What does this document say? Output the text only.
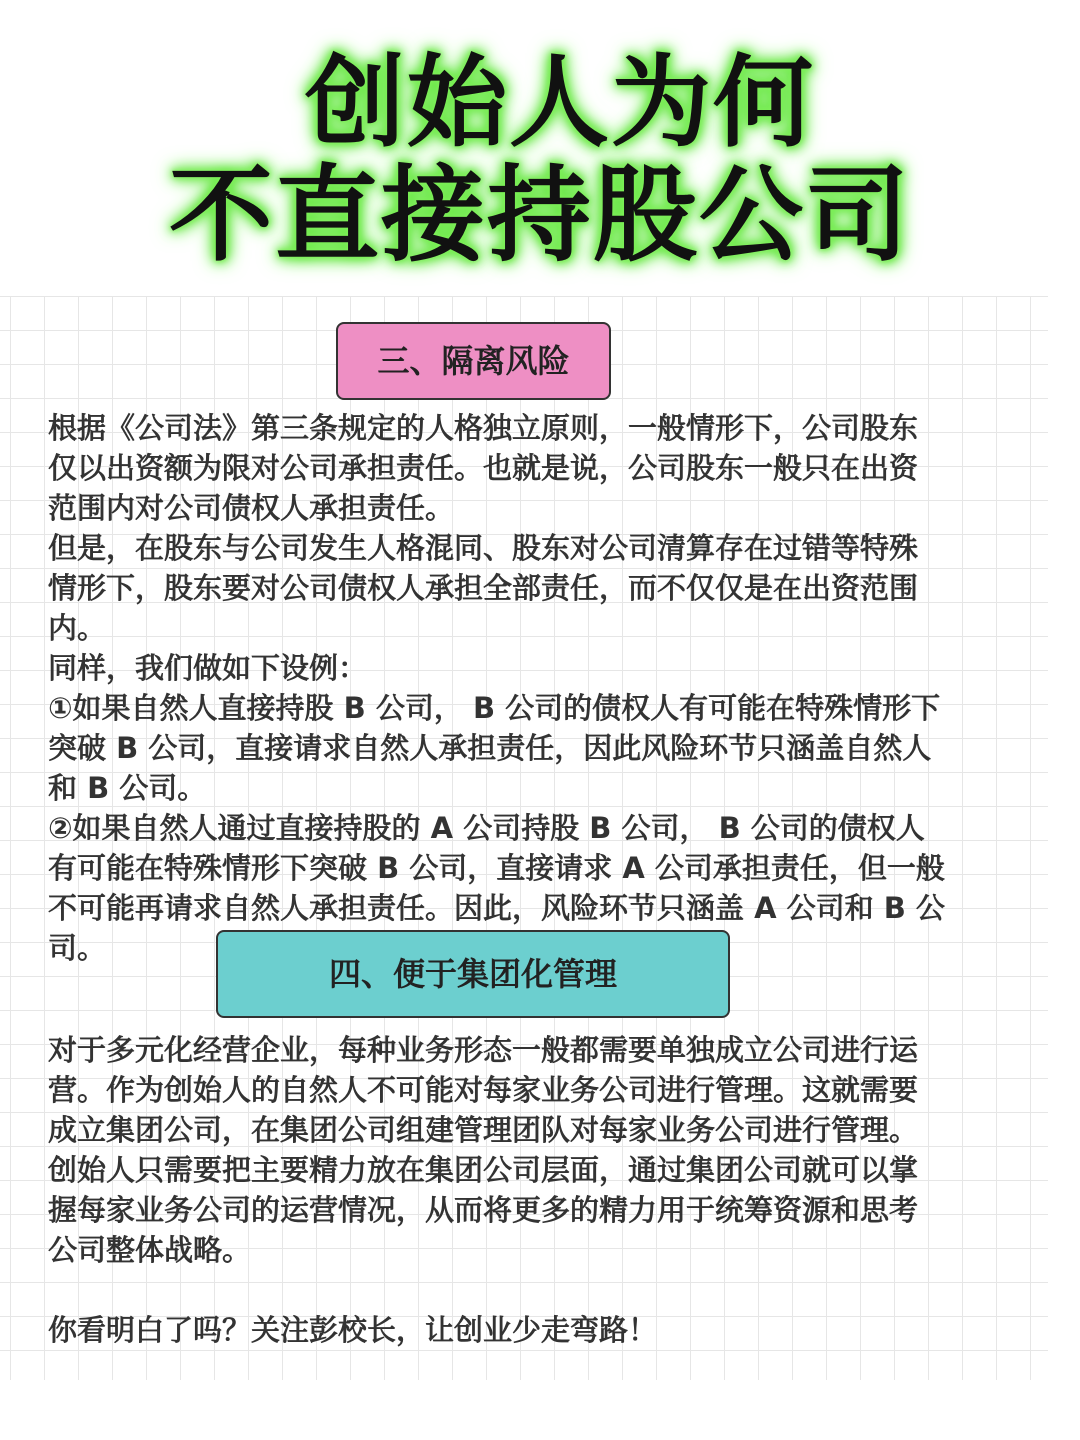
创始人为何
不直接持股公司
三、隔离风险
根据《公司法》第三条规定的人格独立原则，一般情形下，公司股东
仅以出资额为限对公司承担责任。也就是说，公司股东一般只在出资
范围内对公司债权人承担责任。
但是，在股东与公司发生人格混同、股东对公司清算存在过错等特殊
情形下，股东要对公司债权人承担全部责任，而不仅仅是在出资范围
内。
同样，我们做如下设例：
①如果自然人直接持股 B 公司， B 公司的债权人有可能在特殊情形下
突破 B 公司，直接请求自然人承担责任，因此风险环节只涵盖自然人
和 B 公司。
②如果自然人通过直接持股的 A 公司持股 B 公司， B 公司的债权人
有可能在特殊情形下突破 B 公司，直接请求 A 公司承担责任，但一般
不可能再请求自然人承担责任。因此，风险环节只涵盖 A 公司和 B 公
司。
四、便于集团化管理
对于多元化经营企业，每种业务形态一般都需要单独成立公司进行运
营。作为创始人的自然人不可能对每家业务公司进行管理。这就需要
成立集团公司，在集团公司组建管理团队对每家业务公司进行管理。
创始人只需要把主要精力放在集团公司层面，通过集团公司就可以掌
握每家业务公司的运营情况，从而将更多的精力用于统筹资源和思考
公司整体战略。
你看明白了吗？关注彭校长，让创业少走弯路！
